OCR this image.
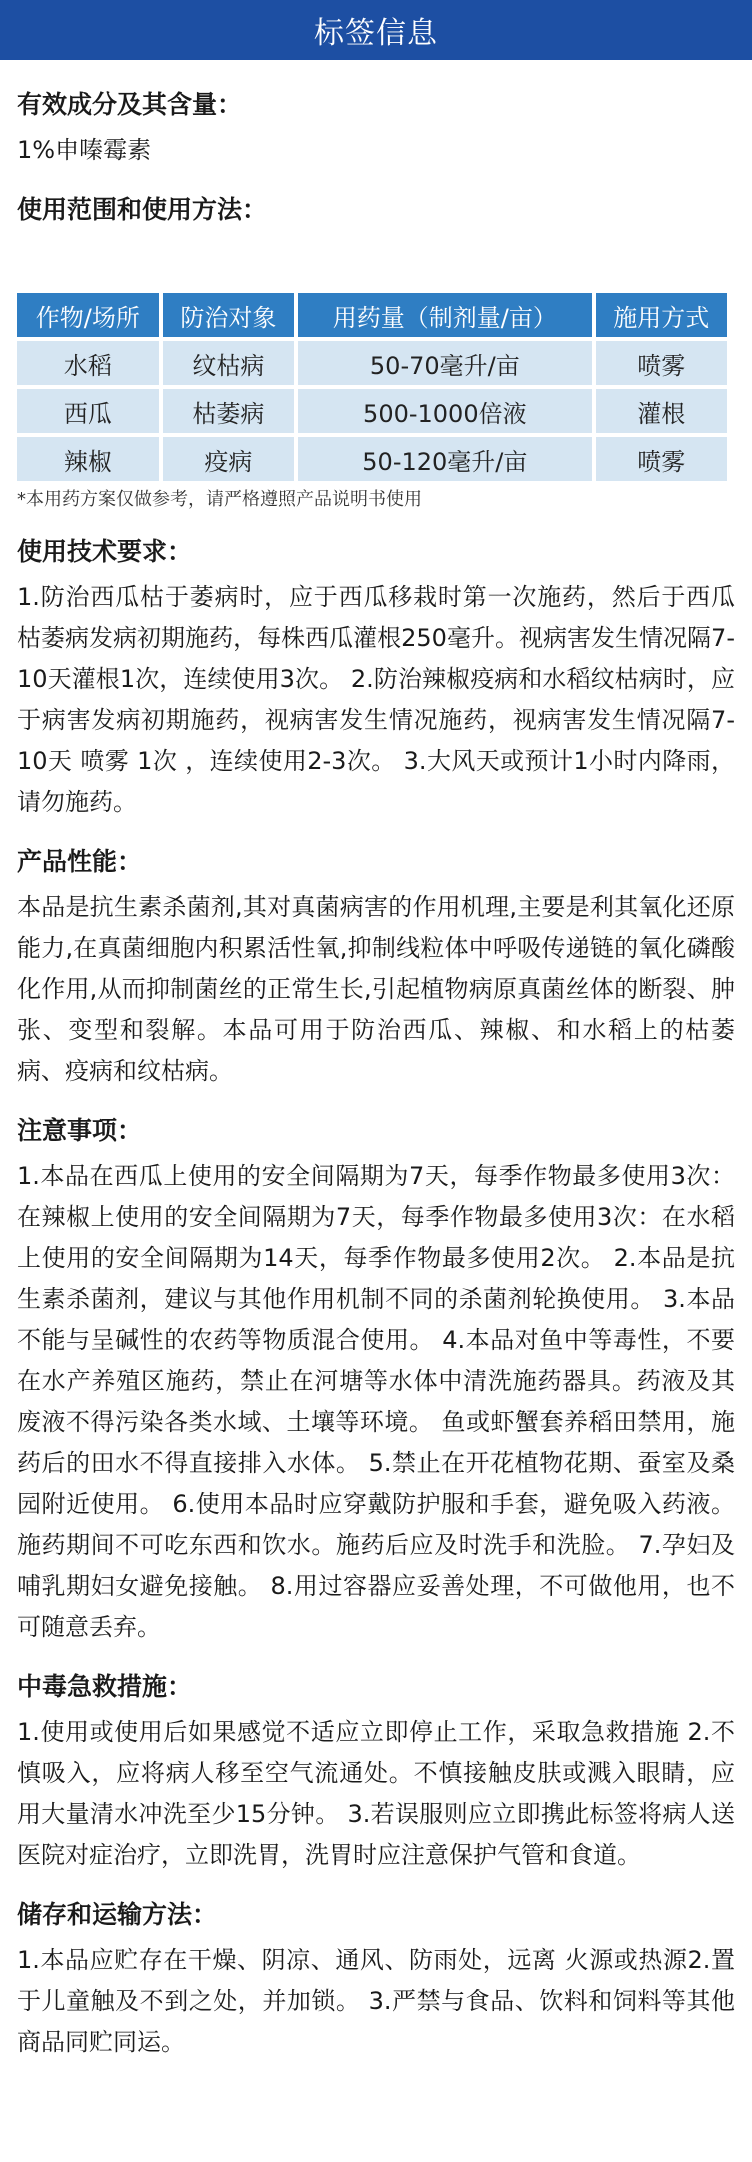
标签信息

有效成分及其含量：

1%申嗪霉素

使用范围和使用方法：

作物/场所	防治对象	用药量（制剂量/亩）	施用方式
水稻	纹枯病	50-70毫升/亩	喷雾
西瓜	枯萎病	500-1000倍液	灌根
辣椒	疫病	50-120毫升/亩	喷雾

*本用药方案仅做参考，请严格遵照产品说明书使用

使用技术要求：

1.防治西瓜枯于萎病时，应于西瓜移栽时第一次施药，然后于西瓜枯萎病发病初期施药，每株西瓜灌根250毫升。视病害发生情况隔7-10天灌根1次，连续使用3次。 2.防治辣椒疫病和水稻纹枯病时，应于病害发病初期施药，视病害发生情况施药，视病害发生情况隔7-10天 喷雾 1次 ，连续使用2-3次。 3.大风天或预计1小时内降雨，请勿施药。

产品性能：

本品是抗生素杀菌剂,其对真菌病害的作用机理,主要是利其氧化还原能力,在真菌细胞内积累活性氧,抑制线粒体中呼吸传递链的氧化磷酸化作用,从而抑制菌丝的正常生长,引起植物病原真菌丝体的断裂、肿张、变型和裂解。本品可用于防治西瓜、辣椒、和水稻上的枯萎病、疫病和纹枯病。

注意事项：

1.本品在西瓜上使用的安全间隔期为7天，每季作物最多使用3次：在辣椒上使用的安全间隔期为7天，每季作物最多使用3次：在水稻上使用的安全间隔期为14天，每季作物最多使用2次。 2.本品是抗生素杀菌剂，建议与其他作用机制不同的杀菌剂轮换使用。 3.本品不能与呈碱性的农药等物质混合使用。 4.本品对鱼中等毒性，不要在水产养殖区施药，禁止在河塘等水体中清洗施药器具。药液及其废液不得污染各类水域、土壤等环境。 鱼或虾蟹套养稻田禁用，施药后的田水不得直接排入水体。 5.禁止在开花植物花期、蚕室及桑园附近使用。 6.使用本品时应穿戴防护服和手套，避免吸入药液。施药期间不可吃东西和饮水。施药后应及时洗手和洗脸。 7.孕妇及哺乳期妇女避免接触。 8.用过容器应妥善处理，不可做他用，也不可随意丢弃。

中毒急救措施：

1.使用或使用后如果感觉不适应立即停止工作，采取急救措施 2.不慎吸入，应将病人移至空气流通处。不慎接触皮肤或溅入眼睛，应用大量清水冲洗至少15分钟。 3.若误服则应立即携此标签将病人送医院对症治疗，立即洗胃，洗胃时应注意保护气管和食道。

储存和运输方法：

1.本品应贮存在干燥、阴凉、通风、防雨处，远离 火源或热源2.置于儿童触及不到之处，并加锁。 3.严禁与食品、饮料和饲料等其他商品同贮同运。
